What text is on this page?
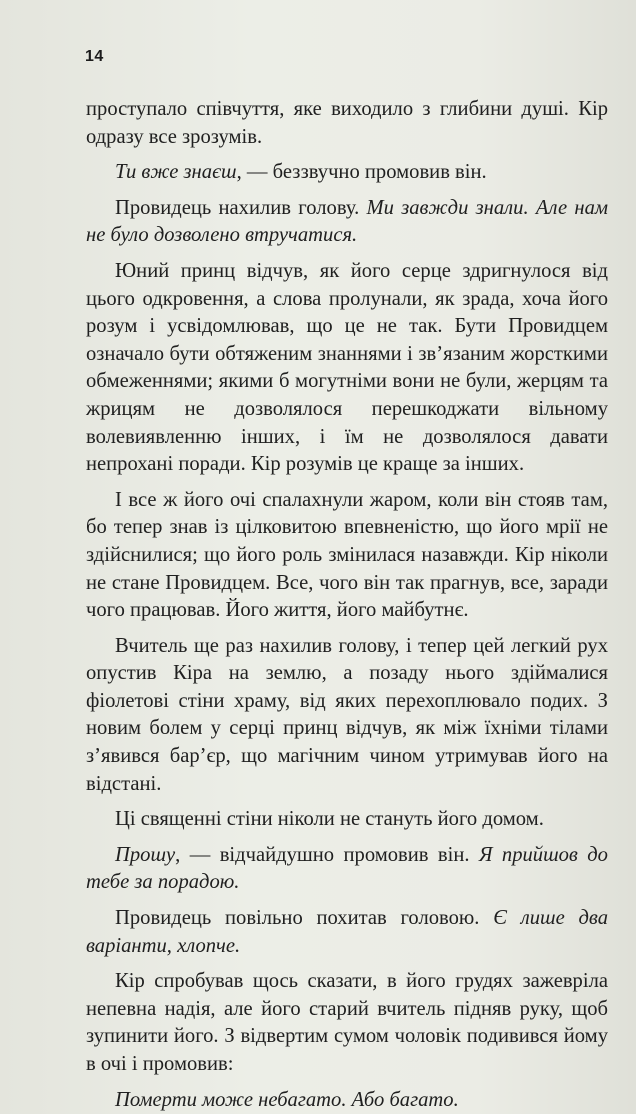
14

проступало співчуття, яке виходило з глибини душі. Кір одразу все зрозумів.

Ти вже знаєш, — беззвучно промовив він.

Провидець нахилив голову. Ми завжди знали. Але нам не було дозволено втручатися.

Юний принц відчув, як його серце здригнулося від цього одкровення, а слова пролунали, як зрада, хоча його розум і усвідомлював, що це не так. Бути Провидцем означало бути обтяженим знаннями і зв’язаним жорсткими обмеженнями; якими б могутніми вони не були, жерцям та жрицям не дозволялося перешкоджати вільному волевиявленню інших, і їм не дозволялося давати непрохані поради. Кір розумів це краще за інших.

І все ж його очі спалахнули жаром, коли він стояв там, бо тепер знав із цілковитою впевненістю, що його мрії не здійснилися; що його роль змінилася назавжди. Кір ніколи не стане Провидцем. Все, чого він так прагнув, все, заради чого працював. Його життя, його майбутнє.

Вчитель ще раз нахилив голову, і тепер цей легкий рух опустив Кіра на землю, а позаду нього здіймалися фіолетові стіни храму, від яких перехоплювало подих. З новим болем у серці принц відчув, як між їхніми тілами з’явився бар’єр, що магічним чином утримував його на відстані.

Ці священні стіни ніколи не стануть його домом.

Прошу, — відчайдушно промовив він. Я прийшов до тебе за порадою.

Провидець повільно похитав головою. Є лише два варіанти, хлопче.

Кір спробував щось сказати, в його грудях зажеврілa непевна надія, але його старий вчитель підняв руку, щоб зупинити його. З відвертим сумом чоловік подивився йому в очі і промовив:

Померти може небагато. Або багато.
